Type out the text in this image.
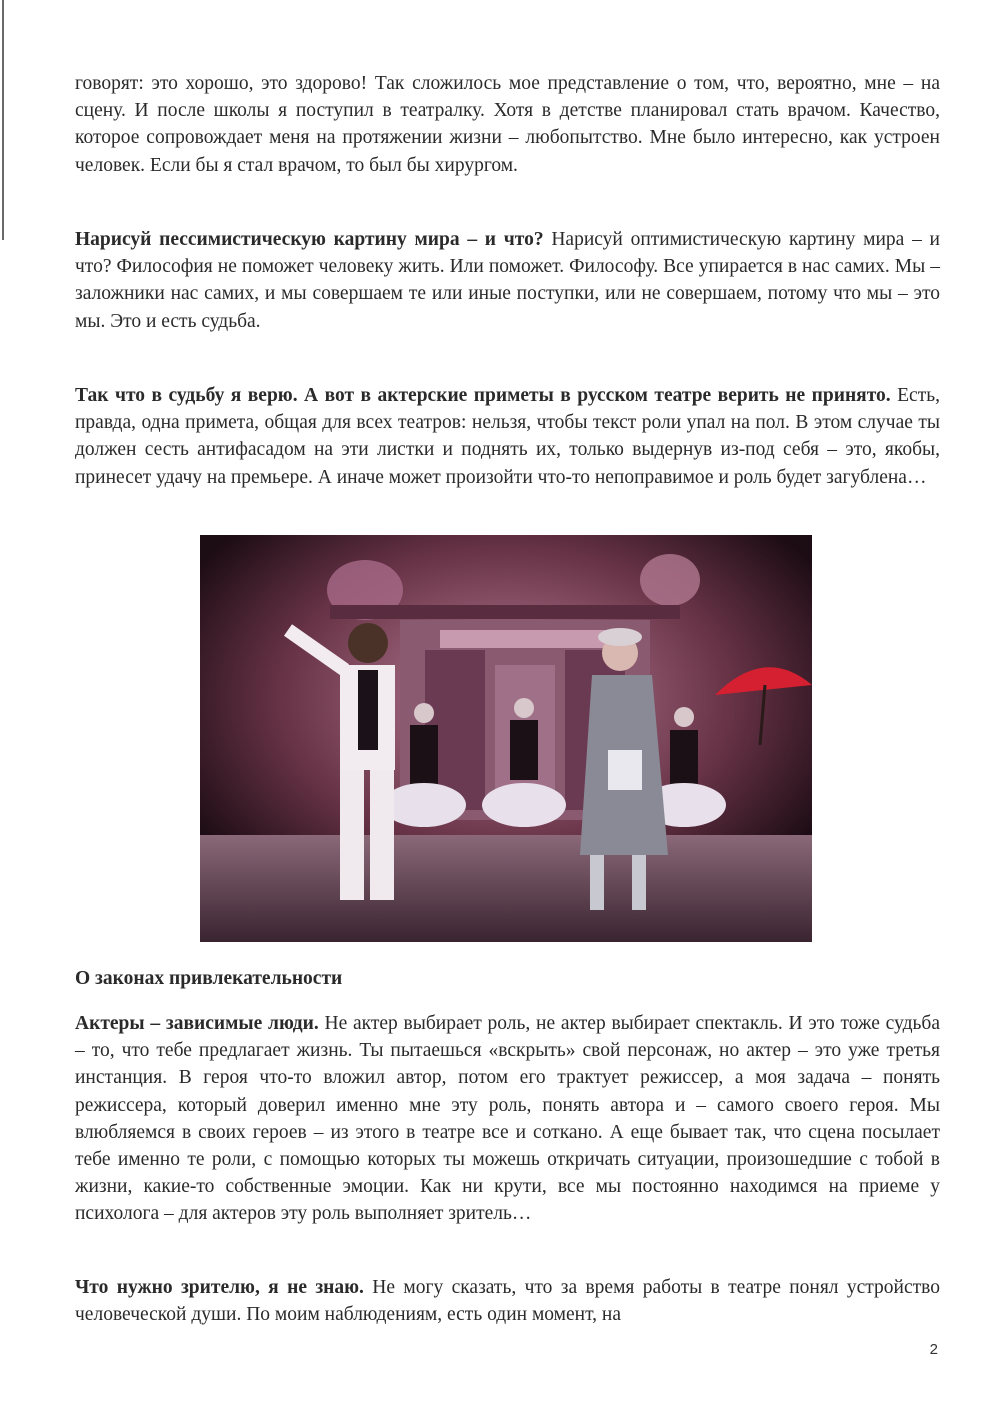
говорят: это хорошо, это здорово! Так сложилось мое представление о том, что, вероятно, мне – на сцену. И после школы я поступил в театралку. Хотя в детстве планировал стать врачом. Качество, которое сопровождает меня на протяжении жизни – любопытство. Мне было интересно, как устроен человек. Если бы я стал врачом, то был бы хирургом.

Нарисуй пессимистическую картину мира – и что? Нарисуй оптимистическую картину мира – и что? Философия не поможет человеку жить. Или поможет. Философу. Все упирается в нас самих. Мы – заложники нас самих, и мы совершаем те или иные поступки, или не совершаем, потому что мы – это мы. Это и есть судьба.

Так что в судьбу я верю. А вот в актерские приметы в русском театре верить не принято. Есть, правда, одна примета, общая для всех театров: нельзя, чтобы текст роли упал на пол. В этом случае ты должен сесть антифасадом на эти листки и поднять их, только выдернув из-под себя – это, якобы, принесет удачу на премьере. А иначе может произойти что-то непоправимое и роль будет загублена…

О законах привлекательности

Актеры – зависимые люди. Не актер выбирает роль, не актер выбирает спектакль. И это тоже судьба – то, что тебе предлагает жизнь. Ты пытаешься «вскрыть» свой персонаж, но актер – это уже третья инстанция. В героя что-то вложил автор, потом его трактует режиссер, а моя задача – понять режиссера, который доверил именно мне эту роль, понять автора и – самого своего героя. Мы влюбляемся в своих героев – из этого в театре все и соткано. А еще бывает так, что сцена посылает тебе именно те роли, с помощью которых ты можешь откричать ситуации, произошедшие с тобой в жизни, какие-то собственные эмоции. Как ни крути, все мы постоянно находимся на приеме у психолога – для актеров эту роль выполняет зритель…

Что нужно зрителю, я не знаю. Не могу сказать, что за время работы в театре понял устройство человеческой души. По моим наблюдениям, есть один момент, на

2
